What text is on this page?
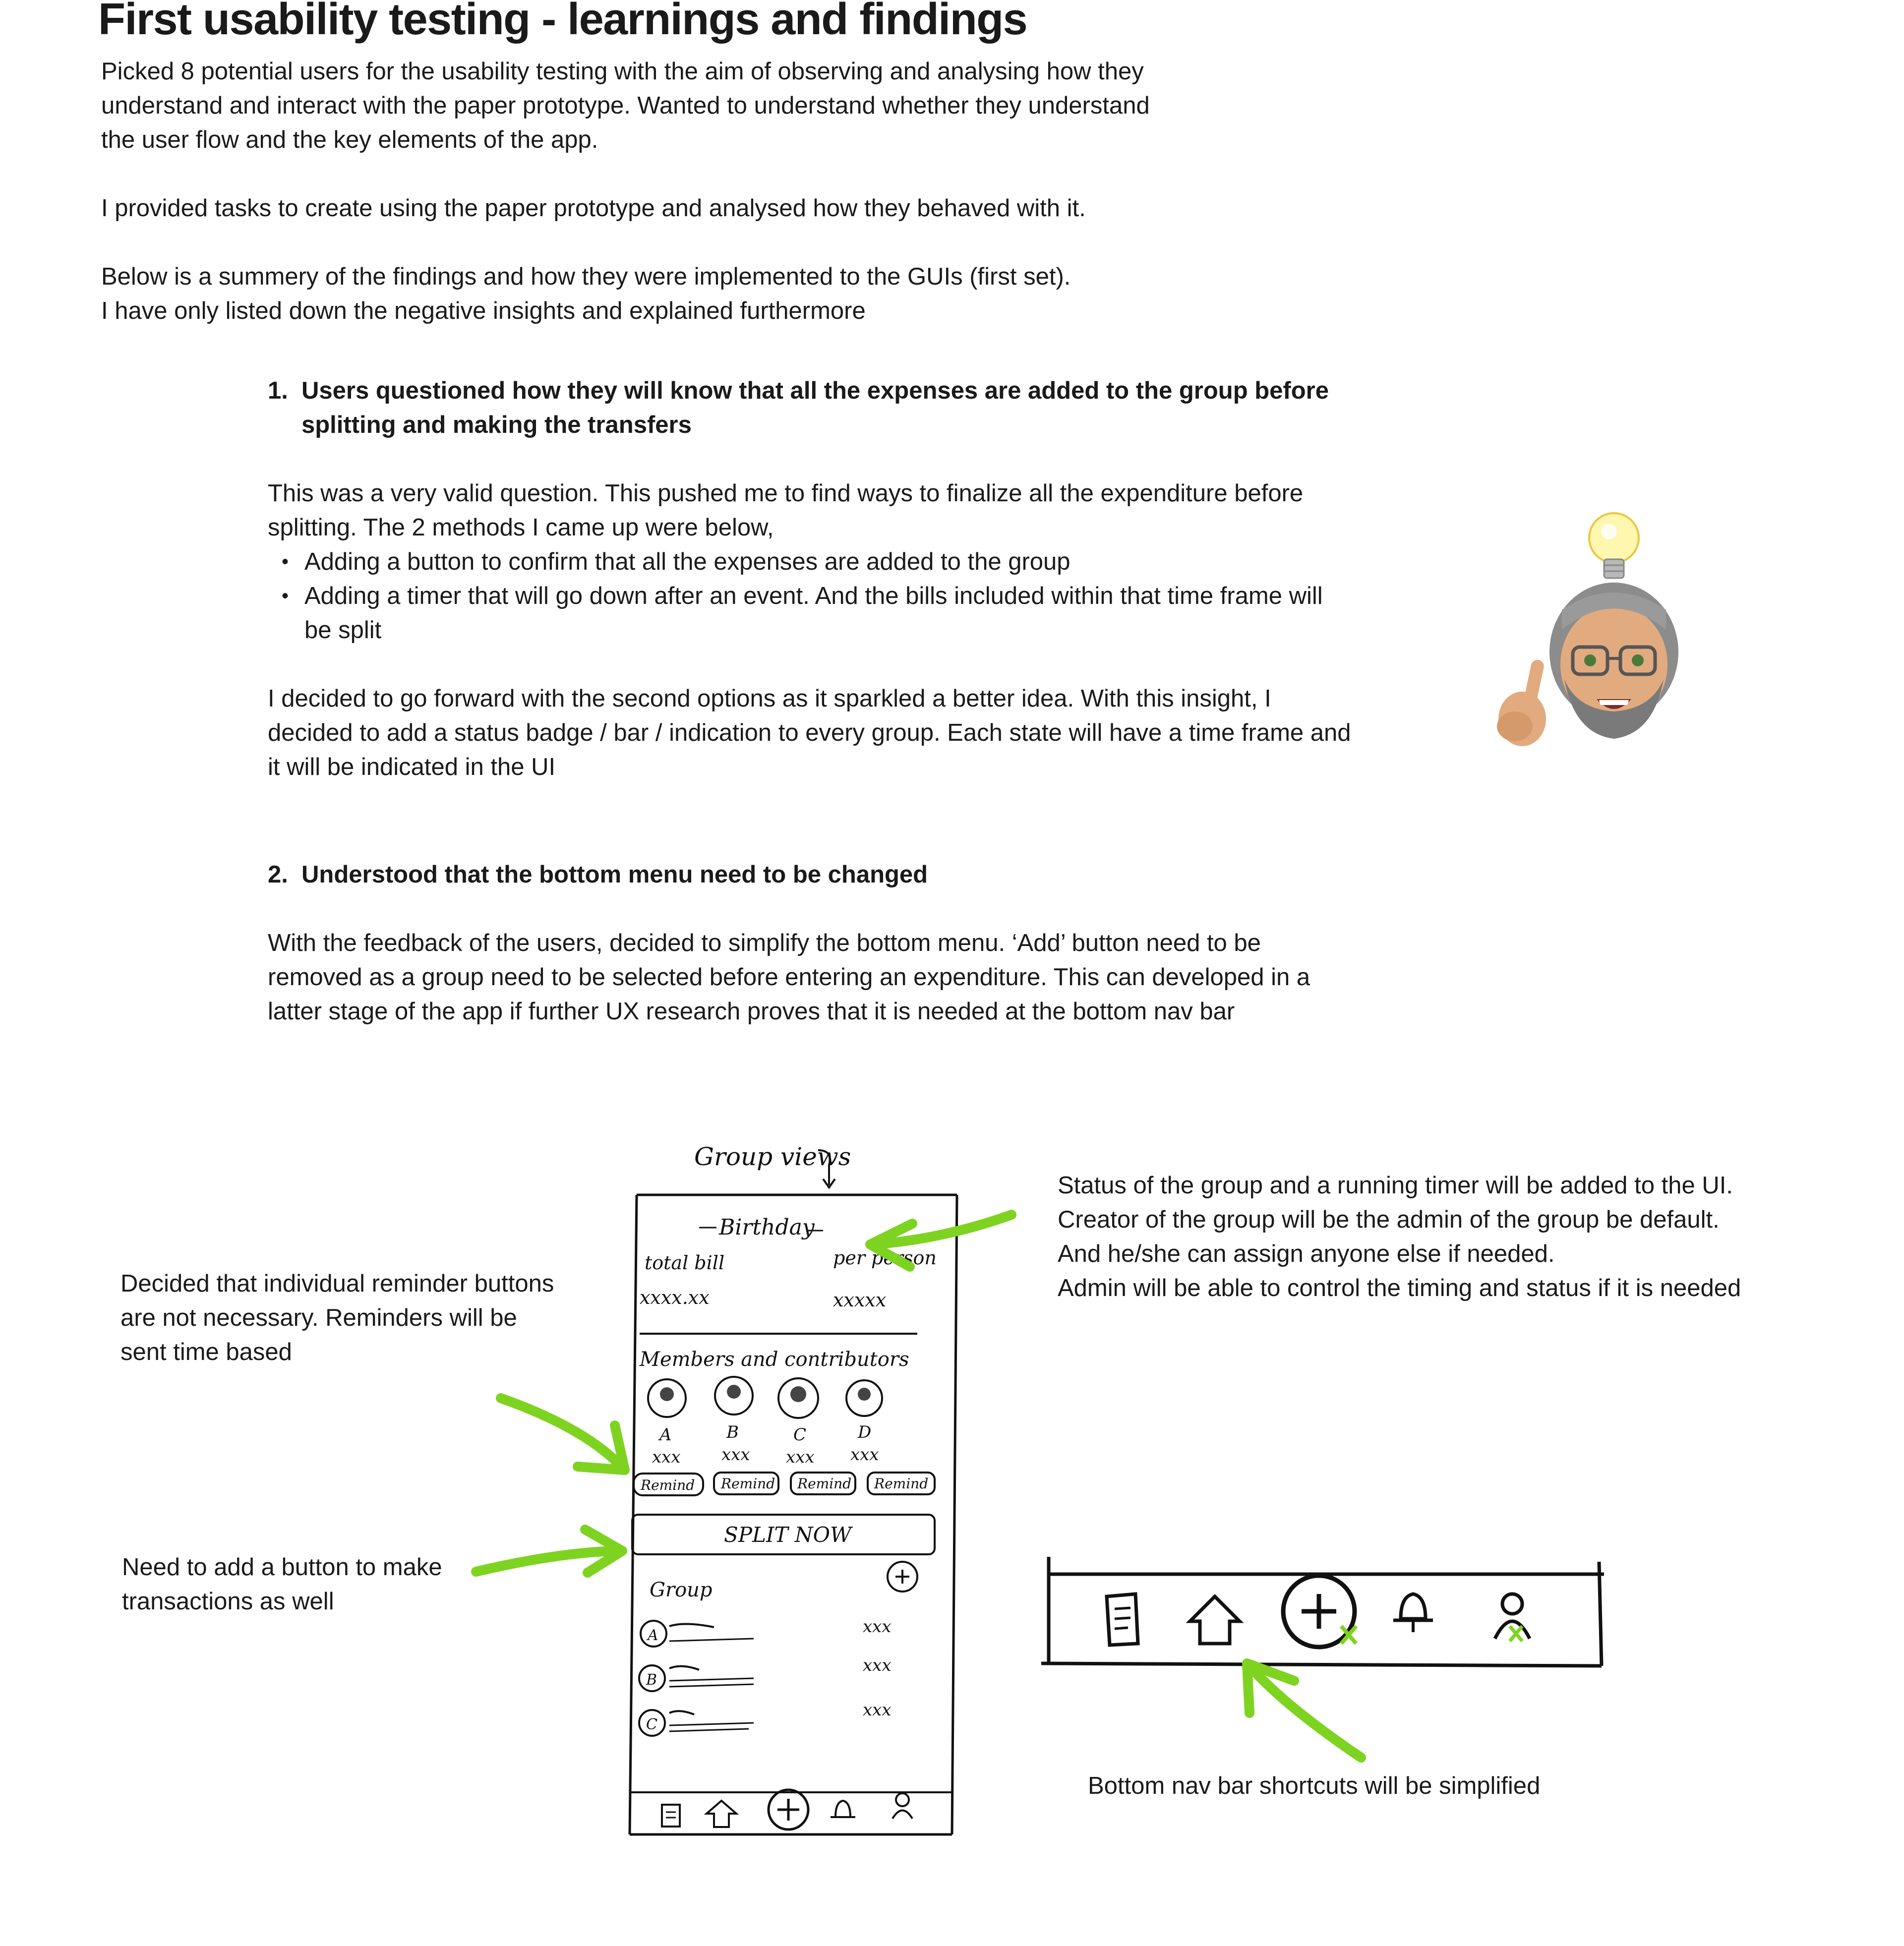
First usability testing - learnings and findings

Picked 8 potential users for the usability testing with the aim of observing and analysing how they understand and interact with the paper prototype. Wanted to understand whether they understand the user flow and the key elements of the app.

I provided tasks to create using the paper prototype and analysed how they behaved with it.

Below is a summery of the findings and how they were implemented to the GUIs (first set).

I have only listed down the negative insights and explained furthermore

1. Users questioned how they will know that all the expenses are added to the group before splitting and making the transfers

This was a very valid question. This pushed me to find ways to finalize all the expenditure before splitting. The 2 methods I came up were below,

• Adding a button to confirm that all the expenses are added to the group
• Adding a timer that will go down after an event. And the bills included within that time frame will be split

I decided to go forward with the second options as it sparkled a better idea. With this insight, I decided to add a status badge / bar / indication to every group. Each state will have a time frame and it will be indicated in the UI

2. Understood that the bottom menu need to be changed

With the feedback of the users, decided to simplify the bottom menu. ‘Add’ button need to be removed as a group need to be selected before entering an expenditure. This can developed in a latter stage of the app if further UX research proves that it is needed at the bottom nav bar

Group views
Birthday
total bill
xxxx.xx
per person
xxxxx
Members and contributors
A
xxx
B
xxx
C
xxx
D
xxx
Remind Remind Remind Remind
SPLIT NOW
Group
A	xxx
B
xxx
C
xxx

Decided that individual reminder buttons are not necessary. Reminders will be sent time based

Need to add a button to make transactions as well

Status of the group and a running timer will be added to the UI.

Creator of the group will be the admin of the group be default.

And he/she can assign anyone else if needed.

Admin will be able to control the timing and status if it is needed

Bottom nav bar shortcuts will be simplified
